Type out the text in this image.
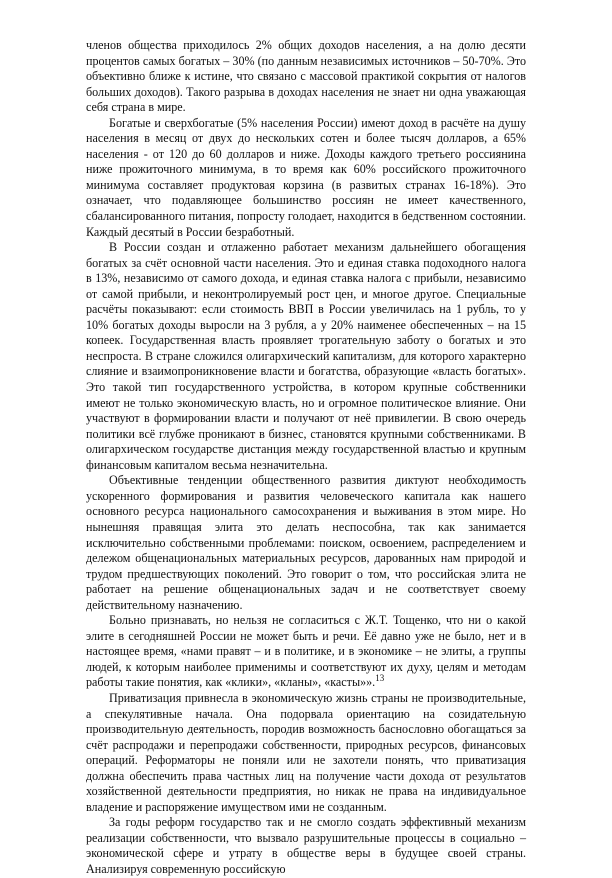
членов общества приходилось 2% общих доходов населения, а на долю десяти процентов самых богатых – 30% (по данным независимых источников – 50-70%. Это объективно ближе к истине, что связано с массовой практикой сокрытия от налогов больших доходов). Такого разрыва в доходах населения не знает ни одна уважающая себя страна в мире.

Богатые и сверхбогатые (5% населения России) имеют доход в расчёте на душу населения в месяц от двух до нескольких сотен и более тысяч долларов, а 65% населения - от 120 до 60 долларов и ниже. Доходы каждого третьего россиянина ниже прожиточного минимума, в то время как 60% российского прожиточного минимума составляет продуктовая корзина (в развитых странах 16-18%). Это означает, что подавляющее большинство россиян не имеет качественного, сбалансированного питания, попросту голодает, находится в бедственном состоянии. Каждый десятый в России безработный.

В России создан и отлаженно работает механизм дальнейшего обогащения богатых за счёт основной части населения. Это и единая ставка подоходного налога в 13%, независимо от самого дохода, и единая ставка налога с прибыли, независимо от самой прибыли, и неконтролируемый рост цен, и многое другое. Специальные расчёты показывают: если стоимость ВВП в России увеличилась на 1 рубль, то у 10% богатых доходы выросли на 3 рубля, а у 20% наименее обеспеченных – на 15 копеек. Государственная власть проявляет трогательную заботу о богатых и это неспроста. В стране сложился олигархический капитализм, для которого характерно слияние и взаимопроникновение власти и богатства, образующие «власть богатых». Это такой тип государственного устройства, в котором крупные собственники имеют не только экономическую власть, но и огромное политическое влияние. Они участвуют в формировании власти и получают от неё привилегии. В свою очередь политики всё глубже проникают в бизнес, становятся крупными собственниками. В олигархическом государстве дистанция между государственной властью и крупным финансовым капиталом весьма незначительна.

Объективные тенденции общественного развития диктуют необходимость ускоренного формирования и развития человеческого капитала как нашего основного ресурса национального самосохранения и выживания в этом мире. Но нынешняя правящая элита это делать неспособна, так как занимается исключительно собственными проблемами: поиском, освоением, распределением и дележом общенациональных материальных ресурсов, дарованных нам природой и трудом предшествующих поколений. Это говорит о том, что российская элита не работает на решение общенациональных задач и не соответствует своему действительному назначению.

Больно признавать, но нельзя не согласиться с Ж.Т. Тощенко, что ни о какой элите в сегодняшней России не может быть и речи. Её давно уже не было, нет и в настоящее время, «нами правят – и в политике, и в экономике – не элиты, а группы людей, к которым наиболее применимы и соответствуют их духу, целям и методам работы такие понятия, как «клики», «кланы», «касты»».$^{13}$

Приватизация привнесла в экономическую жизнь страны не производительные, а спекулятивные начала. Она подорвала ориентацию на созидательную производительную деятельность, породив возможность баснословно обогащаться за счёт распродажи и перепродажи собственности, природных ресурсов, финансовых операций. Реформаторы не поняли или не захотели понять, что приватизация должна обеспечить права частных лиц на получение части дохода от результатов хозяйственной деятельности предприятия, но никак не права на индивидуальное владение и распоряжение имуществом ими не созданным.

За годы реформ государство так и не смогло создать эффективный механизм реализации собственности, что вызвало разрушительные процессы в социально – экономической сфере и утрату в обществе веры в будущее своей страны. Анализируя современную российскую
